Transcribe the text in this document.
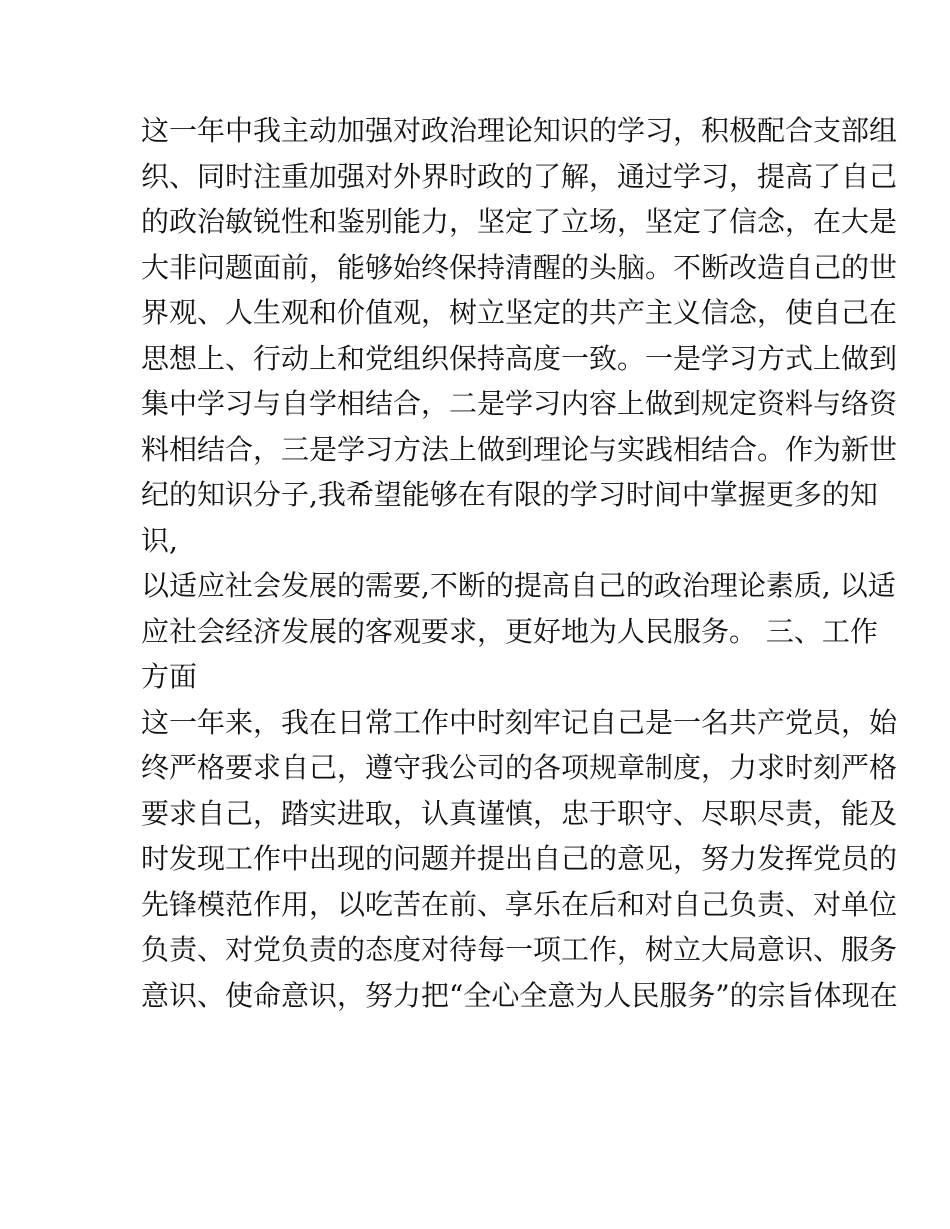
这一年中我主动加强对政治理论知识的学习，积极配合支部组
织、同时注重加强对外界时政的了解，通过学习，提高了自己
的政治敏锐性和鉴别能力，坚定了立场，坚定了信念，在大是
大非问题面前，能够始终保持清醒的头脑。不断改造自己的世
界观、人生观和价值观，树立坚定的共产主义信念，使自己在
思想上、行动上和党组织保持高度一致。一是学习方式上做到
集中学习与自学相结合，二是学习内容上做到规定资料与络资
料相结合，三是学习方法上做到理论与实践相结合。作为新世
纪的知识分子,我希望能够在有限的学习时间中掌握更多的知
识,
以适应社会发展的需要,不断的提高自己的政治理论素质, 以适
应社会经济发展的客观要求，更好地为人民服务。 三、工作
方面
这一年来，我在日常工作中时刻牢记自己是一名共产党员，始
终严格要求自己，遵守我公司的各项规章制度，力求时刻严格
要求自己，踏实进取，认真谨慎，忠于职守、尽职尽责，能及
时发现工作中出现的问题并提出自己的意见，努力发挥党员的
先锋模范作用，以吃苦在前、享乐在后和对自己负责、对单位
负责、对党负责的态度对待每一项工作，树立大局意识、服务
意识、使命意识，努力把“全心全意为人民服务”的宗旨体现在
